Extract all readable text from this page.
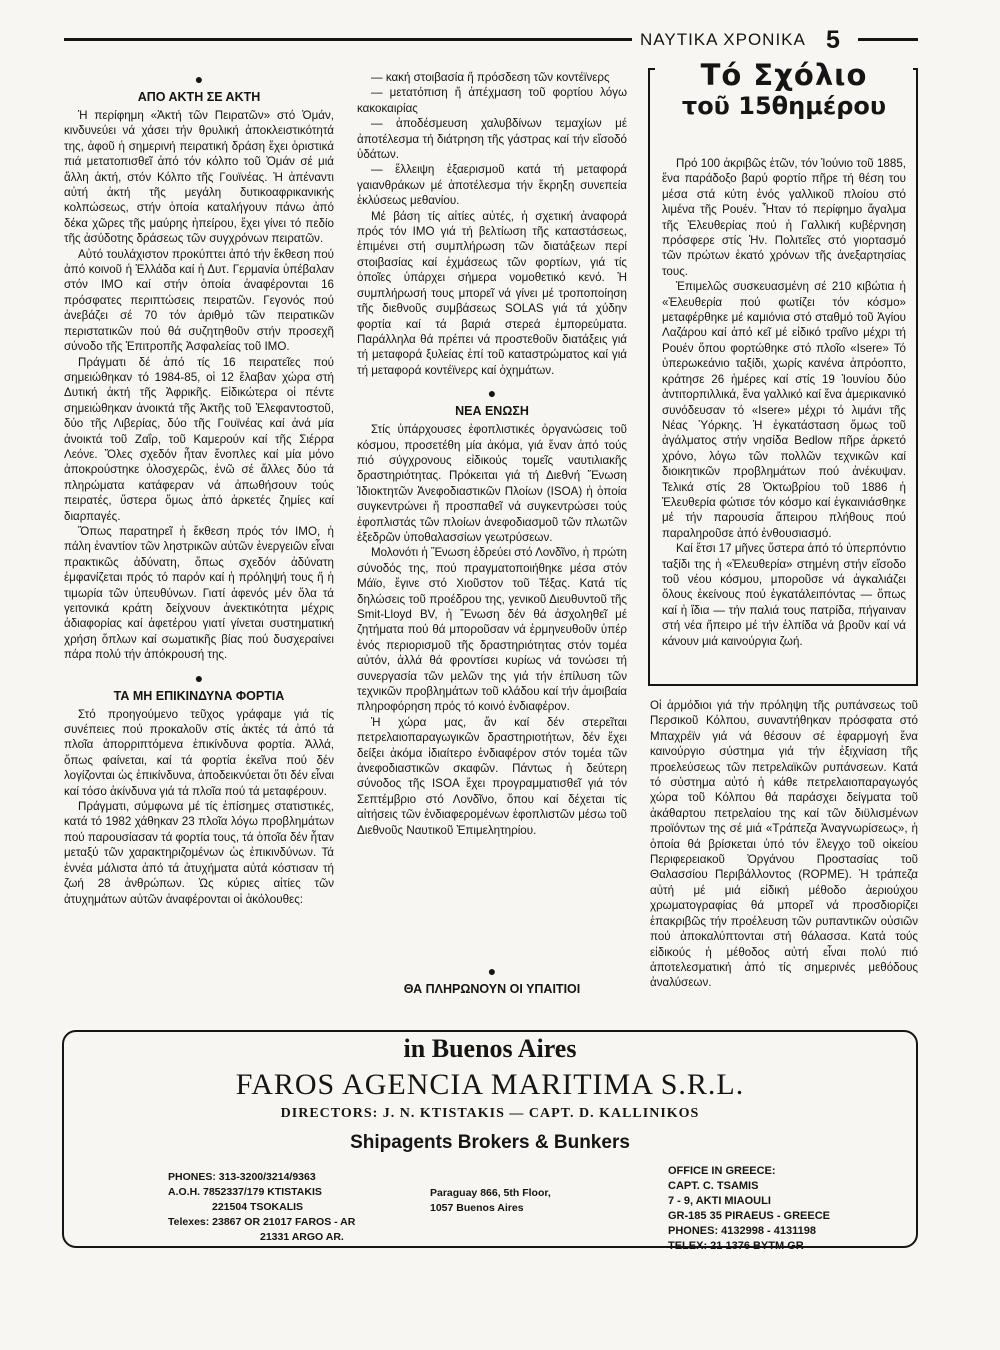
ΝΑΥΤΙΚΑ ΧΡΟΝΙΚΑ 5
●
ΑΠΟ ΑΚΤΗ ΣΕ ΑΚΤΗ

Ἡ περίφημη «Ἀκτή τῶν Πειρατῶν» στό Ὀμάν, κινδυνεύει νά χάσει τήν θρυλική ἀποκλειστικότητά της, ἀφοῦ ἡ σημερινή πειρατική δράση ἔχει ὁριστικά πιά μετατοπισθεῖ ἀπό τόν κόλπο τοῦ Ὀμάν σέ μιά ἄλλη ἀκτή, στόν Κόλπο τῆς Γουϊνέας. Ἡ ἀπέναντι αὐτή ἀκτή τῆς μεγάλη δυτικοαφρικανικής κολπώσεως, στήν ὁποία καταλήγουν πάνω ἀπό δέκα χῶρες τῆς μαύρης ἠπείρου, ἔχει γίνει τό πεδίο τῆς ἀσύδοτης δράσεως τῶν συγχρόνων πειρατῶν.

Αὐτό τουλάχιστον προκύπτει ἀπό τήν ἔκθεση πού ἀπό κοινοῦ ἡ Ἑλλάδα καί ἡ Δυτ. Γερμανία ὑπέβαλαν στόν ΙΜΟ καί στήν ὁποία ἀναφέρονται 16 πρόσφατες περιπτώσεις πειρατῶν. Γεγονός πού ἀνεβάζει σέ 70 τόν ἀριθμό τῶν πειρατικῶν περιστατικῶν πού θά συζητηθοῦν στήν προσεχῆ σύνοδο τῆς Ἐπιτροπῆς Ἀσφαλείας τοῦ ΙΜΟ.

Πράγματι δέ ἀπό τίς 16 πειρατεῖες πού σημειώθηκαν τό 1984-85, οἱ 12 ἔλαβαν χώρα στή Δυτική ἀκτή τῆς Ἀφρικῆς. Εἰδικώτερα οἱ πέντε σημειώθηκαν ἀνοικτά τῆς Ἀκτῆς τοῦ Ἐλεφαντοστοῦ, δύο τῆς Λιβερίας, δύο τῆς Γουϊνέας καί ἀνά μία ἀνοικτά τοῦ Ζαΐρ, τοῦ Καμερούν καί τῆς Σιέρρα Λεόνε. Ὅλες σχεδόν ἦταν ἔνοπλες καί μία μόνο ἀποκρούστηκε ὁλοσχερῶς, ἐνῶ σέ ἄλλες δύο τά πληρώματα κατάφεραν νά ἀπωθήσουν τούς πειρατές, ὕστερα ὅμως ἀπό ἀρκετές ζημίες καί διαρπαγές.

Ὅπως παρατηρεῖ ἡ ἔκθεση πρός τόν ΙΜΟ, ἡ πάλη ἐναντίον τῶν ληστρικῶν αὐτῶν ἐνεργειῶν εἶναι πρακτικῶς ἀδύνατη, ὅπως σχεδόν ἀδύνατη ἐμφανίζεται πρός τό παρόν καί ἡ πρόληψή τους ἤ ἡ τιμωρία τῶν ὑπευθύνων. Γιατί ἀφενός μέν ὅλα τά γειτονικά κράτη δείχνουν ἀνεκτικότητα μέχρις ἀδιαφορίας καί ἀφετέρου γιατί γίνεται συστηματική χρήση ὅπλων καί σωματικῆς βίας πού δυσχεραίνει πάρα πολύ τήν ἀπόκρουσή της.

●
ΤΑ ΜΗ ΕΠΙΚΙΝΔΥΝΑ ΦΟΡΤΙΑ

Στό προηγούμενο τεῦχος γράφαμε γιά τίς συνέπειες πού προκαλοῦν στίς ἀκτές τά ἀπό τά πλοῖα ἀπορριπτόμενα ἐπικίνδυνα φορτία. Ἀλλά, ὅπως φαίνεται, καί τά φορτία ἐκεῖνα πού δέν λογίζονται ὡς ἐπικίνδυνα, ἀποδεικνύεται ὅτι δέν εἶναι καί τόσο ἀκίνδυνα γιά τά πλοῖα πού τά μεταφέρουν.

Πράγματι, σύμφωνα μέ τίς ἐπίσημες στατιστικές, κατά τό 1982 χάθηκαν 23 πλοῖα λόγω προβλημάτων πού παρουσίασαν τά φορτία τους, τά ὁποῖα δέν ἦταν μεταξύ τῶν χαρακτηριζομένων ὡς ἐπικινδύνων. Τά ἐννέα μάλιστα ἀπό τά ἀτυχήματα αὐτά κόστισαν τή ζωή 28 ἀνθρώπων. Ὡς κύριες αἰτίες τῶν ἀτυχημάτων αὐτῶν ἀναφέρονται οἱ ἀκόλουθες:

— κακή στοιβασία ἤ πρόσδεση τῶν κοντέϊνερς

— μετατόπιση ἤ ἀπέχμαση τοῦ φορτίου λόγω κακοκαιρίας

— ἀποδέσμευση χαλυβδίνων τεμαχίων μέ ἀποτέλεσμα τή διάτρηση τῆς γάστρας καί τήν εἴσοδό ὑδάτων.

— ἔλλειψη ἐξαερισμοῦ κατά τή μεταφορά γαιανθράκων μέ ἀποτέλεσμα τήν ἔκρηξη συνεπεία ἐκλύσεως μεθανίου.

Μέ βάση τίς αἰτίες αὐτές, ἡ σχετική ἀναφορά πρός τόν ΙΜΟ γιά τή βελτίωση τῆς καταστάσεως, ἐπιμένει στή συμπλήρωση τῶν διατάξεων περί στοιβασίας καί ἐχμάσεως τῶν φορτίων, γιά τίς ὁποῖες ὑπάρχει σήμερα νομοθετικό κενό. Ἡ συμπλήρωσή τους μπορεῖ νά γίνει μέ τροποποίηση τῆς διεθνοῦς συμβάσεως SOLAS γιά τά χύδην φορτία καί τά βαριά στερεά ἐμπορεύματα. Παράλληλα θά πρέπει νά προστεθοῦν διατάξεις γιά τή μεταφορά ξυλείας ἐπί τοῦ καταστρώματος καί γιά τή μεταφορά κοντέϊνερς καί ὀχημάτων.

●
ΝΕΑ ΕΝΩΣΗ

Στίς ὑπάρχουσες ἐφοπλιστικές ὀργανώσεις τοῦ κόσμου, προσετέθη μία ἀκόμα, γιά ἕναν ἀπό τούς πιό σύγχρονους εἰδικούς τομεῖς ναυτιλιακῆς δραστηριότητας. Πρόκειται γιά τή Διεθνή Ἕνωση Ἰδιοκτητῶν Ἀνεφοδιαστικῶν Πλοίων (ISOA) ἡ ὁποία συγκεντρώνει ἤ προσπαθεῖ νά συγκεντρώσει τούς ἐφοπλιστάς τῶν πλοίων ἀνεφοδιασμοῦ τῶν πλωτῶν ἐξεδρῶν ὑποθαλασσίων γεωτρύσεων.

Μολονότι ἡ Ἕνωση ἑδρεύει στό Λονδῖνο, ἡ πρώτη σύνοδός της, πού πραγματοποιήθηκε μέσα στόν Μάϊο, ἔγινε στό Χιοῦστον τοῦ Τέξας. Κατά τίς δηλώσεις τοῦ προέδρου της, γενικοῦ Διευθυντοῦ τῆς Smit-Lloyd BV, ἡ Ἕνωση δέν θά ἀσχοληθεῖ μέ ζητήματα πού θά μποροῦσαν νά ἑρμηνευθοῦν ὑπέρ ἐνός περιορισμοῦ τῆς δραστηριότητας στόν τομέα αὐτόν, ἀλλά θά φροντίσει κυρίως νά τονώσει τή συνεργασία τῶν μελῶν της γιά τήν ἐπίλυση τῶν τεχνικῶν προβλημάτων τοῦ κλάδου καί τήν ἀμοιβαία πληροφόρηση πρός τό κοινό ἐνδιαφέρον.

Ἡ χώρα μας, ἄν καί δέν στερεῖται πετρελαιοπαραγωγικῶν δραστηριοτήτων, δέν ἔχει δείξει ἀκόμα ἰδιαίτερο ἐνδιαφέρον στόν τομέα τῶν ἀνεφοδιαστικῶν σκαφῶν. Πάντως ἡ δεύτερη σύνοδος τῆς ISOA ἔχει προγραμματισθεῖ γιά τόν Σεπτέμβριο στό Λονδῖνο, ὅπου καί δέχεται τίς αἰτήσεις τῶν ἐνδιαφερομένων ἐφοπλιστῶν μέσω τοῦ Διεθνοῦς Ναυτικοῦ Ἐπιμελητηρίου.

●
ΘΑ ΠΛΗΡΩΝΟΥΝ ΟΙ ΥΠΑΙΤΙΟΙ
Τό Σχόλιο
τοῦ 15θημέρου

Πρό 100 ἀκριβῶς ἐτῶν, τόν Ἰούνιο τοῦ 1885, ἕνα παράδοξο βαρύ φορτίο πῆρε τή θέση του μέσα στά κύτη ἑνός γαλλικοῦ πλοίου στό λιμένα τῆς Ρουέν. Ἦταν τό περίφημο ἄγαλμα τῆς Ἐλευθερίας πού ἡ Γαλλική κυβέρνηση πρόσφερε στίς Ἡν. Πολιτεῖες στό γιορτασμό τῶν πρώτων ἑκατό χρόνων τῆς ἀνεξαρτησίας τους.

Ἐπιμελῶς συσκευασμένη σέ 210 κιβώτια ἡ «Ἐλευθερία πού φωτίζει τόν κόσμο» μεταφέρθηκε μέ καμιόνια στό σταθμό τοῦ Ἁγίου Λαζάρου καί ἀπό κεῖ μέ εἰδικό τραῖνο μέχρι τή Ρουέν ὅπου φορτώθηκε στό πλοῖο «Isere» Τό ὑπερωκεάνιο ταξίδι, χωρίς κανένα ἀπρόοπτο, κράτησε 26 ἡμέρες καί στίς 19 Ἰουνίου δύο ἀντιτορπιλλικά, ἕνα γαλλικό καί ἕνα ἀμερικανικό συνόδευσαν τό «Isere» μέχρι τό λιμάνι τῆς Νέας Ὑόρκης. Ἡ ἐγκατάσταση ὅμως τοῦ ἀγάλματος στήν νησίδα Bedlow πῆρε ἀρκετό χρόνο, λόγω τῶν πολλῶν τεχνικῶν καί διοικητικῶν προβλημάτων πού ἀνέκυψαν. Τελικά στίς 28 Ὀκτωβρίου τοῦ 1886 ἡ Ἐλευθερία φώτισε τόν κόσμο καί ἐγκαινιάσθηκε μέ τήν παρουσία ἄπειρου πλήθους πού παραληροῦσε ἀπό ἐνθουσιασμό.

Καί ἔτσι 17 μῆνες ὕστερα ἀπό τό ὑπερπόντιο ταξίδι της ἡ «Ἐλευθερία» στημένη στήν εἴσοδο τοῦ νέου κόσμου, μποροῦσε νά ἀγκαλιάζει ὅλους ἐκείνους πού ἐγκατάλειπόντας — ὅπως καί ἡ ἴδια — τήν παλιά τους πατρίδα, πήγαιναν στή νέα ἤπειρο μέ τήν ἐλπίδα νά βροῦν καί νά κάνουν μιά καινούργια ζωή.

Οἱ ἁρμόδιοι γιά τήν πρόληψη τῆς ρυπάνσεως τοῦ Περσικοῦ Κόλπου, συναντήθηκαν πρόσφατα στό Μπαχρέϊν γιά νά θέσουν σέ ἐφαρμογή ἕνα καινούργιο σύστημα γιά τήν ἐξιχνίαση τῆς προελεύσεως τῶν πετρελαϊκῶν ρυπάνσεων. Κατά τό σύστημα αὐτό ἡ κάθε πετρελαιοπαραγωγός χώρα τοῦ Κόλπου θά παράσχει δείγματα τοῦ ἀκάθαρτου πετρελαίου της καί τῶν διϋλισμένων προϊόντων της σέ μιά «Τράπεζα Ἀναγνωρίσεως», ἡ ὁποία θά βρίσκεται ὑπό τόν ἔλεγχο τοῦ οἰκείου Περιφερειακοῦ Ὀργάνου Προστασίας τοῦ Θαλασσίου Περιβάλλοντος (ROPME). Ἡ τράπεζα αὐτή μέ μιά εἰδική μέθοδο ἀεριούχου χρωματογραφίας θά μπορεῖ νά προσδιορίζει ἐπακριβῶς τήν προέλευση τῶν ρυπαντικῶν οὐσιῶν πού ἀποκαλύπτονται στή θάλασσα. Κατά τούς εἰδικούς ἡ μέθοδος αὐτή εἶναι πολύ πιό ἀποτελεσματική ἀπό τίς σημερινές μεθόδους ἀναλύσεων.

in Buenos Aires
FAROS AGENCIA MARITIMA S.R.L.
DIRECTORS: J. N. KTISTAKIS — CAPT. D. KALLINIKOS
Shipagents Brokers & Bunkers
PHONES: 313-3200/3214/9363
A.O.H. 7852337/179 KTISTAKIS
221504 TSOKALIS
Telexes: 23867 OR 21017 FAROS - AR
21331 ARGO AR.
Paraguay 866, 5th Floor,
1057 Buenos Aires
OFFICE IN GREECE:
CAPT. C. TSAMIS
7 - 9, AKTI MIAOULI
GR-185 35 PIRAEUS - GREECE
PHONES: 4132998 - 4131198
TELEX: 21 1376 BYTM GR
